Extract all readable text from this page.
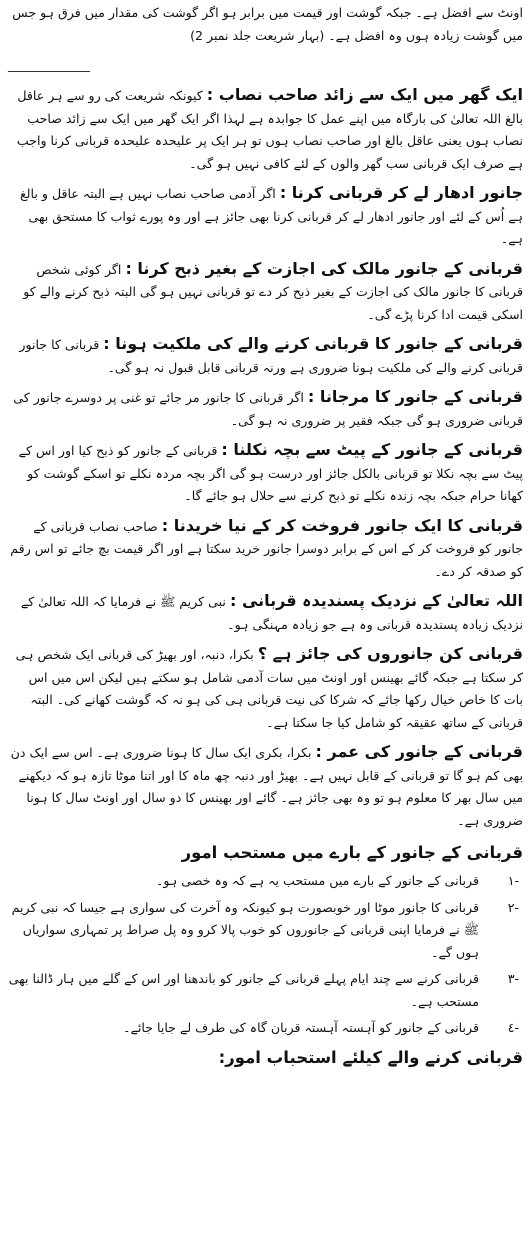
اونٹ سے افضل ہے۔ جبکہ گوشت اور قیمت میں برابر ہو اگر گوشت کی مقدار میں فرق ہو جس میں گوشت زیادہ ہوں وہ افضل ہے۔ (بہار شریعت جلد نمبر 2)

_____________

ایک گھر میں ایک سے زائد صاحب نصاب : کیونکہ شریعت کی رو سے ہر عاقل بالغ اللہ تعالیٰ کی بارگاہ میں اپنے عمل کا جوابدہ ہے لہذا اگر ایک گھر میں ایک سے زائد صاحب نصاب ہوں یعنی عاقل بالغ اور صاحب نصاب ہوں تو ہر ایک پر علیحدہ علیحدہ قربانی کرنا واجب ہے صرف ایک قربانی سب گھر والوں کے لئے کافی نہیں ہو گی۔

جانور ادھار لے کر قربانی کرنا : اگر آدمی صاحب نصاب نہیں ہے البتہ عاقل و بالغ ہے اُس کے لئے اور جانور ادھار لے کر قربانی کرنا بھی جائز ہے اور وہ پورے ثواب کا مستحق بھی ہے۔

قربانی کے جانور مالک کی اجازت کے بغیر ذبح کرنا : اگر کوئی شخص قربانی کا جانور مالک کی اجازت کے بغیر ذبح کر دے تو قربانی نہیں ہو گی البتہ ذبح کرنے والے کو اسکی قیمت ادا کرنا پڑے گی۔

قربانی کے جانور کا قربانی کرنے والے کی ملکیت ہونا : قربانی کا جانور قربانی کرنے والے کی ملکیت ہونا ضروری ہے ورنہ قربانی قابل قبول نہ ہو گی۔

قربانی کے جانور کا مرجانا : اگر قربانی کا جانور مر جائے تو غنی پر دوسرے جانور کی قربانی ضروری ہو گی جبکہ فقیر پر ضروری نہ ہو گی۔

قربانی کے جانور کے پیٹ سے بچہ نکلنا : قربانی کے جانور کو ذبح کیا اور اس کے پیٹ سے بچہ نکلا تو قربانی بالکل جائز اور درست ہو گی اگر بچہ مردہ نکلے تو اسکے گوشت کو کھانا حرام جبکہ بچہ زندہ نکلے تو ذبح کرنے سے حلال ہو جائے گا۔

قربانی کا ایک جانور فروخت کر کے نیا خریدنا : صاحب نصاب قربانی کے جانور کو فروخت کر کے اس کے برابر دوسرا جانور خرید سکتا ہے اور اگر قیمت بچ جائے تو اس رقم کو صدقہ کر دے۔

اللہ تعالیٰ کے نزدیک پسندیدہ قربانی : نبی کریم ﷺ نے فرمایا کہ اللہ تعالیٰ کے نزدیک زیادہ پسندیدہ قربانی وہ ہے جو زیادہ مہنگی ہو۔

قربانی کن جانوروں کی جائز ہے ؟ بکرا، دنبہ، اور بھیڑ کی قربانی ایک شخص ہی کر سکتا ہے جبکہ گائے بھینس اور اونٹ میں سات آدمی شامل ہو سکتے ہیں لیکن اس میں اس بات کا خاص خیال رکھا جائے کہ شرکا کی نیت قربانی ہی کی ہو نہ کہ گوشت کھانے کی۔ البتہ قربانی کے ساتھ عقیقہ کو شامل کیا جا سکتا ہے۔

قربانی کے جانور کی عمر : بکرا، بکری ایک سال کا ہونا ضروری ہے۔ اس سے ایک دن بھی کم ہو گا تو قربانی کے قابل نہیں ہے۔ بھیڑ اور دنبہ چھ ماہ کا اور اتنا موٹا تازہ ہو کہ دیکھنے میں سال بھر کا معلوم ہو تو وہ بھی جائز ہے۔ گائے اور بھینس کا دو سال اور اونٹ سال کا ہونا ضروری ہے۔

قربانی کے جانور کے بارے میں مستحب امور
-١
قربانی کے جانور کے بارے میں مستحب یہ ہے کہ وہ خصی ہو۔
-٢
قربانی کا جانور موٹا اور خوبصورت ہو کیونکہ وہ آخرت کی سواری ہے جیسا کہ نبی کریم ﷺ نے فرمایا اپنی قربانی کے جانوروں کو خوب پالا کرو وہ پل صراط پر تمہاری سواریاں ہوں گے۔
-٣
قربانی کرنے سے چند ایام پہلے قربانی کے جانور کو باندھنا اور اس کے گلے میں ہار ڈالنا بھی مستحب ہے۔
-٤
قربانی کے جانور کو آہستہ آہستہ قربان گاہ کی طرف لے جایا جائے۔
قربانی کرنے والے کیلئے استحباب امور:
